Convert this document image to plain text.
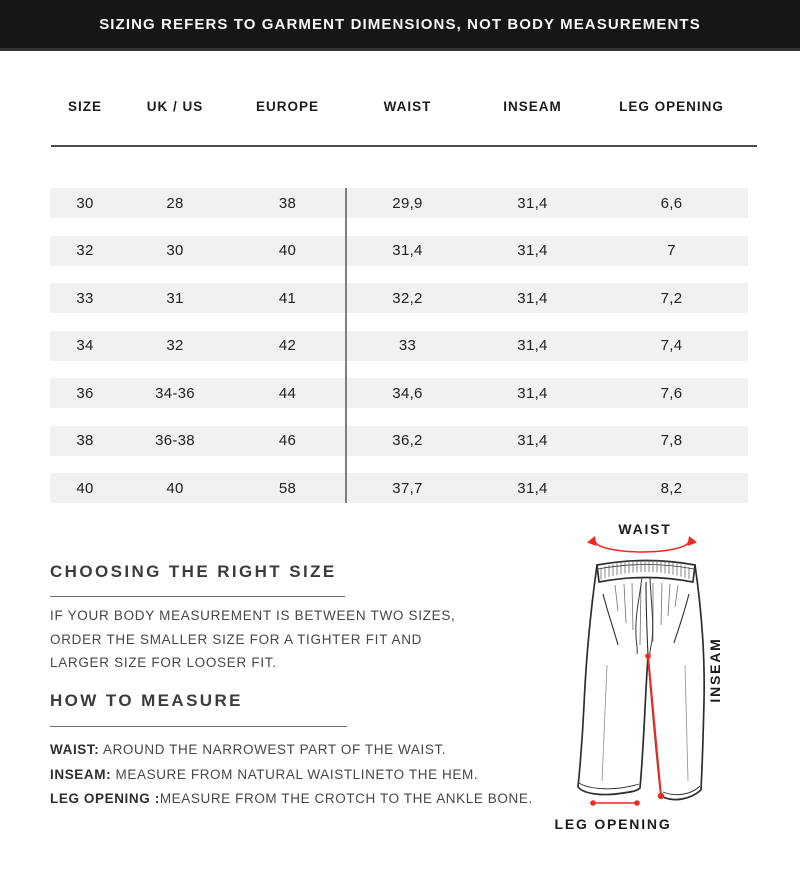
SIZING REFERS TO GARMENT DIMENSIONS, NOT BODY MEASUREMENTS
SIZE	UK / US	EUROPE	WAIST	INSEAM	LEG OPENING
30	28	38	29,9	31,4	6,6
32	30	40	31,4	31,4	7
33	31	41	32,2	31,4	7,2
34	32	42	33	31,4	7,4
36	34-36	44	34,6	31,4	7,6
38	36-38	46	36,2	31,4	7,8
40	40	58	37,7	31,4	8,2
CHOOSING THE RIGHT SIZE
IF YOUR BODY MEASUREMENT IS BETWEEN TWO SIZES,
ORDER THE SMALLER SIZE FOR A TIGHTER FIT AND
LARGER SIZE FOR LOOSER FIT.
HOW TO MEASURE
WAIST: AROUND THE NARROWEST PART OF THE WAIST.
INSEAM: MEASURE FROM NATURAL WAISTLINETO THE HEM.
LEG OPENING :MEASURE FROM THE CROTCH TO THE ANKLE BONE.
WAIST
INSEAM
LEG OPENING
